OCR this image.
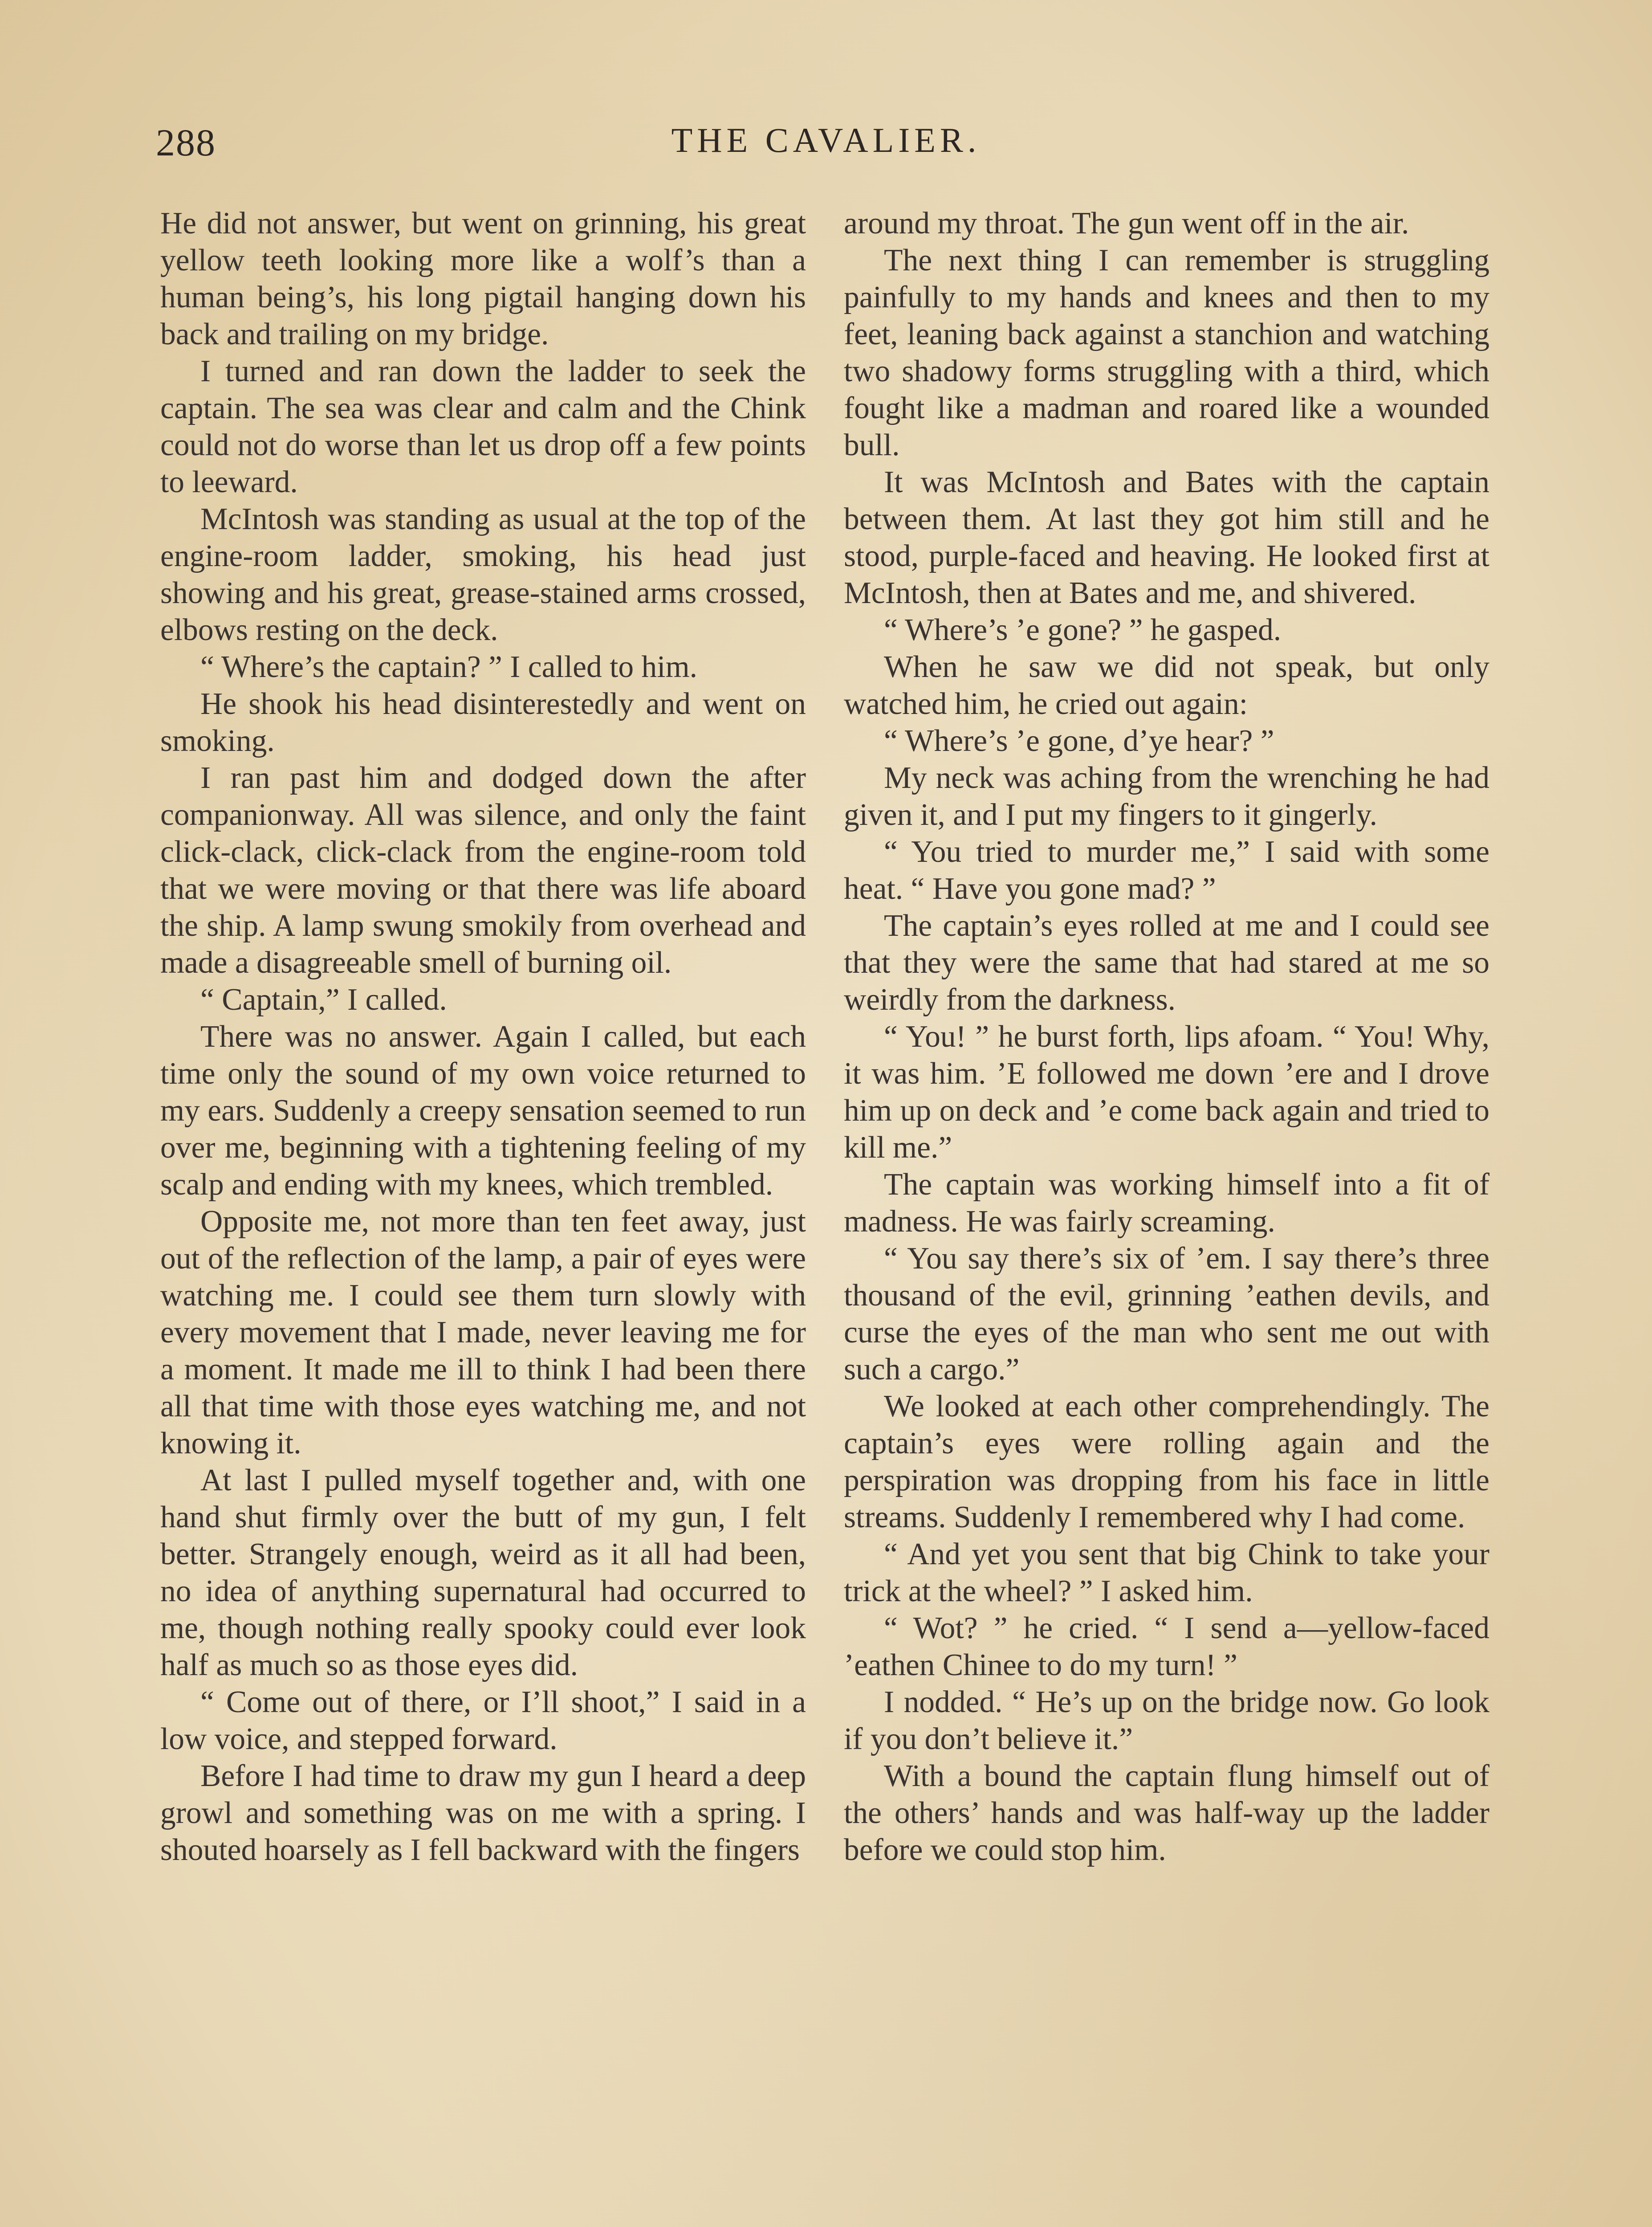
288	THE CAVALIER.

He did not answer, but went on grinning, his great yellow teeth looking more like a wolf’s than a human being’s, his long pigtail hanging down his back and trailing on my bridge.

I turned and ran down the ladder to seek the captain. The sea was clear and calm and the Chink could not do worse than let us drop off a few points to leeward.

McIntosh was standing as usual at the top of the engine-room ladder, smoking, his head just showing and his great, grease-stained arms crossed, elbows resting on the deck.

“ Where’s the captain? ” I called to him.

He shook his head disinterestedly and went on smoking.

I ran past him and dodged down the after companionway. All was silence, and only the faint click-clack, click-clack from the engine-room told that we were moving or that there was life aboard the ship. A lamp swung smokily from overhead and made a disagreeable smell of burning oil.

“ Captain,” I called.

There was no answer. Again I called, but each time only the sound of my own voice returned to my ears. Suddenly a creepy sensation seemed to run over me, beginning with a tightening feeling of my scalp and ending with my knees, which trembled.

Opposite me, not more than ten feet away, just out of the reflection of the lamp, a pair of eyes were watching me. I could see them turn slowly with every movement that I made, never leaving me for a moment. It made me ill to think I had been there all that time with those eyes watching me, and not knowing it.

At last I pulled myself together and, with one hand shut firmly over the butt of my gun, I felt better. Strangely enough, weird as it all had been, no idea of anything supernatural had occurred to me, though nothing really spooky could ever look half as much so as those eyes did.

“ Come out of there, or I’ll shoot,” I said in a low voice, and stepped forward.

Before I had time to draw my gun I heard a deep growl and something was on me with a spring. I shouted hoarsely as I fell backward with the fingers

around my throat. The gun went off in the air.

The next thing I can remember is struggling painfully to my hands and knees and then to my feet, leaning back against a stanchion and watching two shadowy forms struggling with a third, which fought like a madman and roared like a wounded bull.

It was McIntosh and Bates with the captain between them. At last they got him still and he stood, purple-faced and heaving. He looked first at McIntosh, then at Bates and me, and shivered.

“ Where’s ’e gone? ” he gasped.

When he saw we did not speak, but only watched him, he cried out again:

“ Where’s ’e gone, d’ye hear? ”

My neck was aching from the wrenching he had given it, and I put my fingers to it gingerly.

“ You tried to murder me,” I said with some heat. “ Have you gone mad? ”

The captain’s eyes rolled at me and I could see that they were the same that had stared at me so weirdly from the darkness.

“ You! ” he burst forth, lips afoam. “ You! Why, it was him. ’E followed me down ’ere and I drove him up on deck and ’e come back again and tried to kill me.”

The captain was working himself into a fit of madness. He was fairly screaming.

“ You say there’s six of ’em. I say there’s three thousand of the evil, grinning ’eathen devils, and curse the eyes of the man who sent me out with such a cargo.”

We looked at each other comprehendingly. The captain’s eyes were rolling again and the perspiration was dropping from his face in little streams. Suddenly I remembered why I had come.

“ And yet you sent that big Chink to take your trick at the wheel? ” I asked him.

“ Wot? ” he cried. “ I send a—yellow-faced ’eathen Chinee to do my turn! ”

I nodded. “ He’s up on the bridge now. Go look if you don’t believe it.”

With a bound the captain flung himself out of the others’ hands and was half-way up the ladder before we could stop him.
